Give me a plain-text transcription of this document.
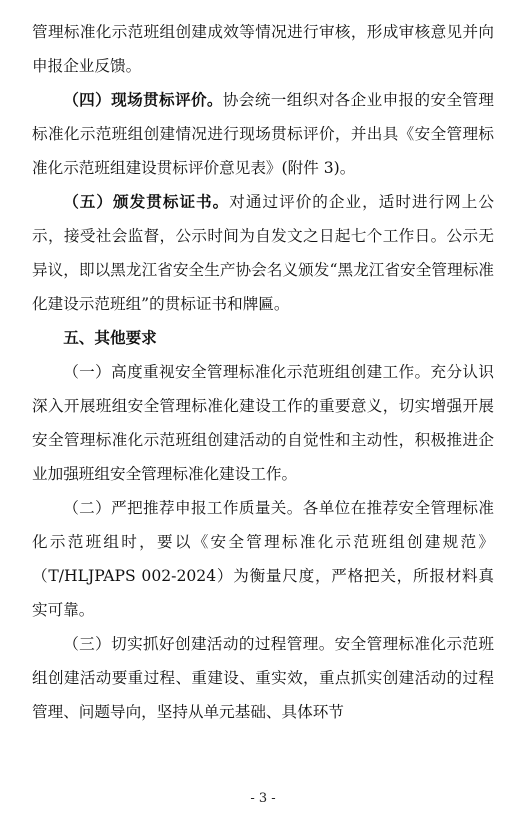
管理标准化示范班组创建成效等情况进行审核，形成审核意见并向申报企业反馈。

（四）现场贯标评价。协会统一组织对各企业申报的安全管理标准化示范班组创建情况进行现场贯标评价，并出具《安全管理标准化示范班组建设贯标评价意见表》(附件 3)。

（五）颁发贯标证书。对通过评价的企业，适时进行网上公示，接受社会监督，公示时间为自发文之日起七个工作日。公示无异议，即以黑龙江省安全生产协会名义颁发“黑龙江省安全管理标准化建设示范班组”的贯标证书和牌匾。

五、其他要求

（一）高度重视安全管理标准化示范班组创建工作。充分认识深入开展班组安全管理标准化建设工作的重要意义，切实增强开展安全管理标准化示范班组创建活动的自觉性和主动性，积极推进企业加强班组安全管理标准化建设工作。

（二）严把推荐申报工作质量关。各单位在推荐安全管理标准化示范班组时，要以《安全管理标准化示范班组创建规范》（T/HLJPAPS 002-2024）为衡量尺度，严格把关，所报材料真实可靠。

（三）切实抓好创建活动的过程管理。安全管理标准化示范班组创建活动要重过程、重建设、重实效，重点抓实创建活动的过程管理、问题导向，坚持从单元基础、具体环节

- 3 -
